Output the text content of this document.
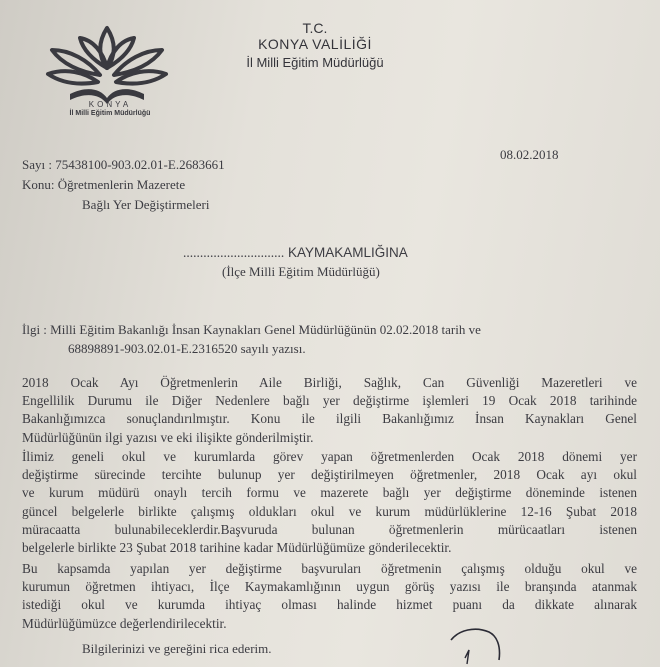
KONYA
İl Milli Eğitim Müdürlüğü
T.C.
KONYA VALİLİĞİ
İl Milli Eğitim Müdürlüğü
08.02.2018
Sayı : 75438100-903.02.01-E.2683661
Konu: Öğretmenlerin Mazerete
Bağlı Yer Değiştirmeleri
.............................. KAYMAKAMLIĞINA
(İlçe Milli Eğitim Müdürlüğü)
İlgi : Milli Eğitim Bakanlığı İnsan Kaynakları Genel Müdürlüğünün 02.02.2018 tarih ve
68898891-903.02.01-E.2316520 sayılı yazısı.
2018 Ocak Ayı Öğretmenlerin Aile Birliği, Sağlık, Can Güvenliği Mazeretleri ve
Engellilik Durumu ile Diğer Nedenlere bağlı yer değiştirme işlemleri 19 Ocak 2018 tarihinde
Bakanlığımızca sonuçlandırılmıştır. Konu ile ilgili Bakanlığımız İnsan Kaynakları Genel
Müdürlüğünün ilgi yazısı ve eki ilişikte gönderilmiştir.
İlimiz geneli okul ve kurumlarda görev yapan öğretmenlerden Ocak 2018 dönemi yer
değiştirme sürecinde tercihte bulunup yer değiştirilmeyen öğretmenler, 2018 Ocak ayı okul
ve kurum müdürü onaylı tercih formu ve mazerete bağlı yer değiştirme döneminde istenen
güncel belgelerle birlikte çalışmış oldukları okul ve kurum müdürlüklerine 12-16 Şubat 2018
müracaatta bulunabileceklerdir.Başvuruda bulunan öğretmenlerin mürücaatları istenen
belgelerle birlikte 23 Şubat 2018 tarihine kadar Müdürlüğümüze gönderilecektir.
Bu kapsamda yapılan yer değiştirme başvuruları öğretmenin çalışmış olduğu okul ve
kurumun öğretmen ihtiyacı, İlçe Kaymakamlığının uygun görüş yazısı ile branşında atanmak
istediği okul ve kurumda ihtiyaç olması halinde hizmet puanı da dikkate alınarak
Müdürlüğümüzce değerlendirilecektir.
Bilgilerinizi ve gereğini rica ederim.
